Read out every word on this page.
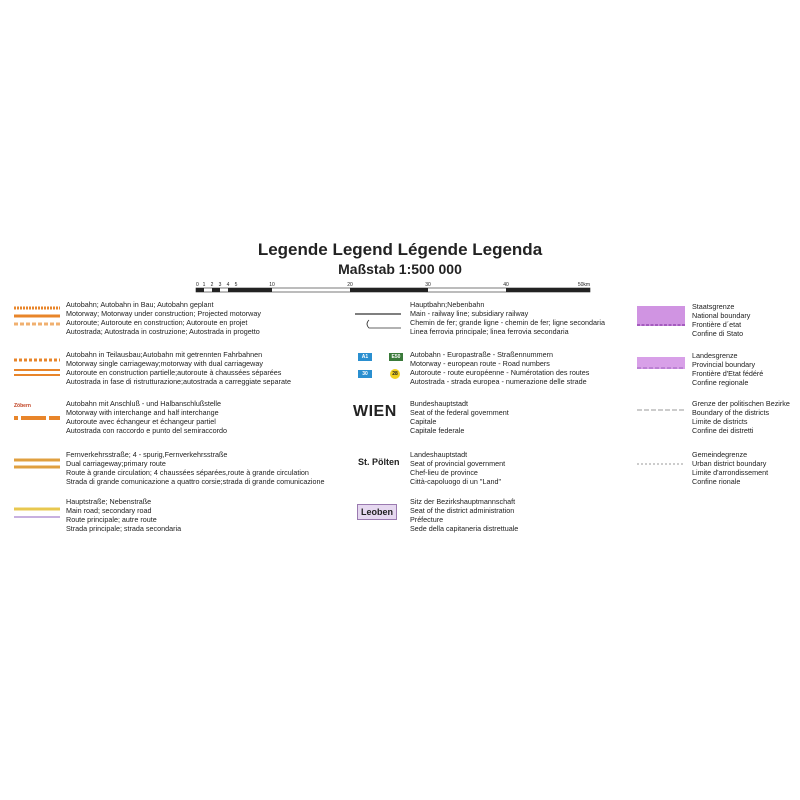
Legende Legend Légende Legenda
Maßstab 1:500 000
0 1 2 3 4 5	10	20	30	40	50km
Zöbern
Autobahn; Autobahn in Bau; Autobahn geplant
Motorway; Motorway under construction; Projected motorway
Autoroute; Autoroute en construction; Autoroute en projet
Autostrada; Autostrada in costruzione; Autostrada in progetto
Autobahn in Teilausbau;Autobahn mit getrennten Fahrbahnen
Motorway single carriageway;motorway with dual carriageway
Autoroute en construction partielle;autoroute à chaussées séparées
Autostrada in fase di ristrutturazione;autostrada a carreggiate separate
Autobahn mit Anschluß - und Halbanschlußstelle
Motorway with interchange and half interchange
Autoroute avec échangeur et échangeur partiel
Autostrada con raccordo e punto del semiraccordo
Fernverkehrsstraße; 4 - spurig,Fernverkehrsstraße
Dual carriageway;primary route
Route à grande circulation; 4 chaussées séparées,route à grande circulation
Strada di grande comunicazione a quattro corsie;strada di grande comunicazione
Hauptstraße; Nebenstraße
Main road; secondary road
Route principale; autre route
Strada principale; strada secondaria
A1	E50
30	28
WIEN
St. Pölten
Leoben
Hauptbahn;Nebenbahn
Main - railway line; subsidiary railway
Chemin de fer; grande ligne - chemin de fer; ligne secondaria
Linea ferrovia principale; linea ferrovia secondaria
Autobahn - Europastraße - Straßennummern
Motorway - european route - Road numbers
Autoroute - route européenne - Numérotation des routes
Autostrada - strada europea - numerazione delle strade
Bundeshauptstadt
Seat of the federal government
Capitale
Capitale federale
Landeshauptstadt
Seat of provincial government
Chef-lieu de province
Città-capoluogo di un "Land"
Sitz der Bezirkshauptmannschaft
Seat of the district administration
Préfecture
Sede della capitaneria distrettuale
Staatsgrenze
National boundary
Frontière d´etat
Confine di Stato
Landesgrenze
Provincial boundary
Frontière d'Etat fédéré
Confine regionale
Grenze der politischen Bezirke
Boundary of the districts
Limite de districts
Confine dei distretti
Gemeindegrenze
Urban district boundary
Limite d'arrondissement
Confine rionale
